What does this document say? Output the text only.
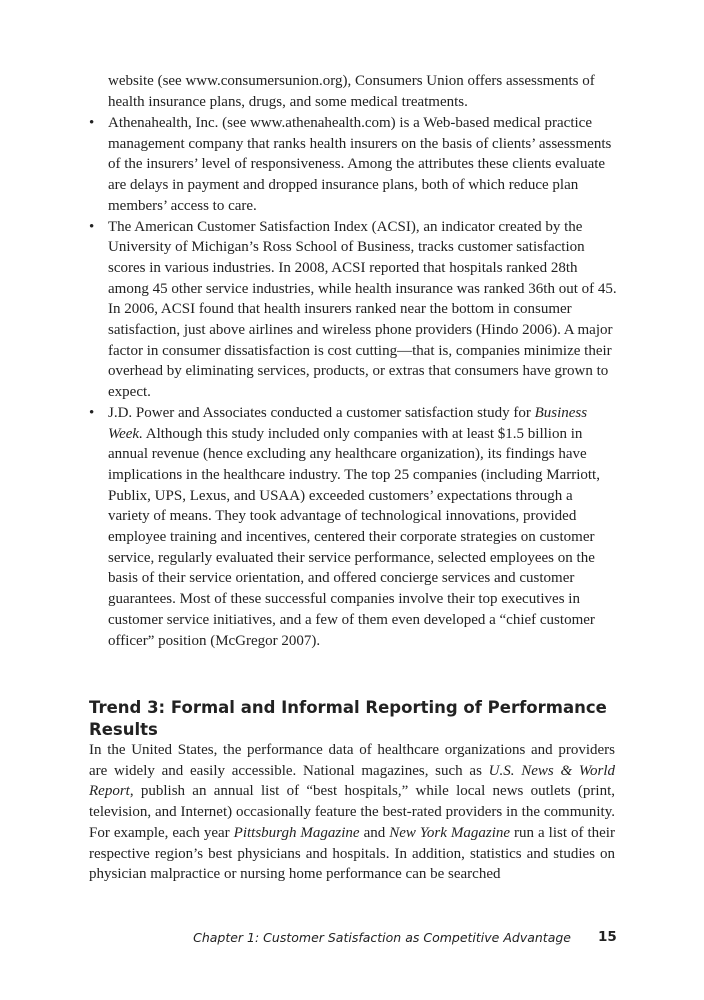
website (see www.consumersunion.org), Consumers Union offers assessments of health insurance plans, drugs, and some medical treatments.

• Athenahealth, Inc. (see www.athenahealth.com) is a Web-based medical practice management company that ranks health insurers on the basis of clients’ assessments of the insurers’ level of responsiveness. Among the attributes these clients evaluate are delays in payment and dropped insurance plans, both of which reduce plan members’ access to care.
• The American Customer Satisfaction Index (ACSI), an indicator created by the University of Michigan’s Ross School of Business, tracks customer satisfaction scores in various industries. In 2008, ACSI reported that hospitals ranked 28th among 45 other service industries, while health insurance was ranked 36th out of 45. In 2006, ACSI found that health insurers ranked near the bottom in consumer satisfaction, just above airlines and wireless phone providers (Hindo 2006). A major factor in consumer dissatisfaction is cost cutting—that is, companies minimize their overhead by eliminating services, products, or extras that consumers have grown to expect.
• J.D. Power and Associates conducted a customer satisfaction study for Business Week. Although this study included only companies with at least $1.5 billion in annual revenue (hence excluding any healthcare organization), its findings have implications in the healthcare industry. The top 25 companies (including Marriott, Publix, UPS, Lexus, and USAA) exceeded customers’ expectations through a variety of means. They took advantage of technological innovations, provided employee training and incentives, centered their corporate strategies on customer service, regularly evaluated their service performance, selected employees on the basis of their service orientation, and offered concierge services and customer guarantees. Most of these successful companies involve their top executives in customer service initiatives, and a few of them even developed a “chief customer officer” position (McGregor 2007).
Trend 3: Formal and Informal Reporting of Performance Results

In the United States, the performance data of healthcare organizations and providers are widely and easily accessible. National magazines, such as U.S. News & World Report, publish an annual list of “best hospitals,” while local news outlets (print, television, and Internet) occasionally feature the best-rated providers in the community. For example, each year Pittsburgh Magazine and New York Magazine run a list of their respective region’s best physicians and hospitals. In addition, statistics and studies on physician malpractice or nursing home performance can be searched

Chapter 1: Customer Satisfaction as Competitive Advantage 15
